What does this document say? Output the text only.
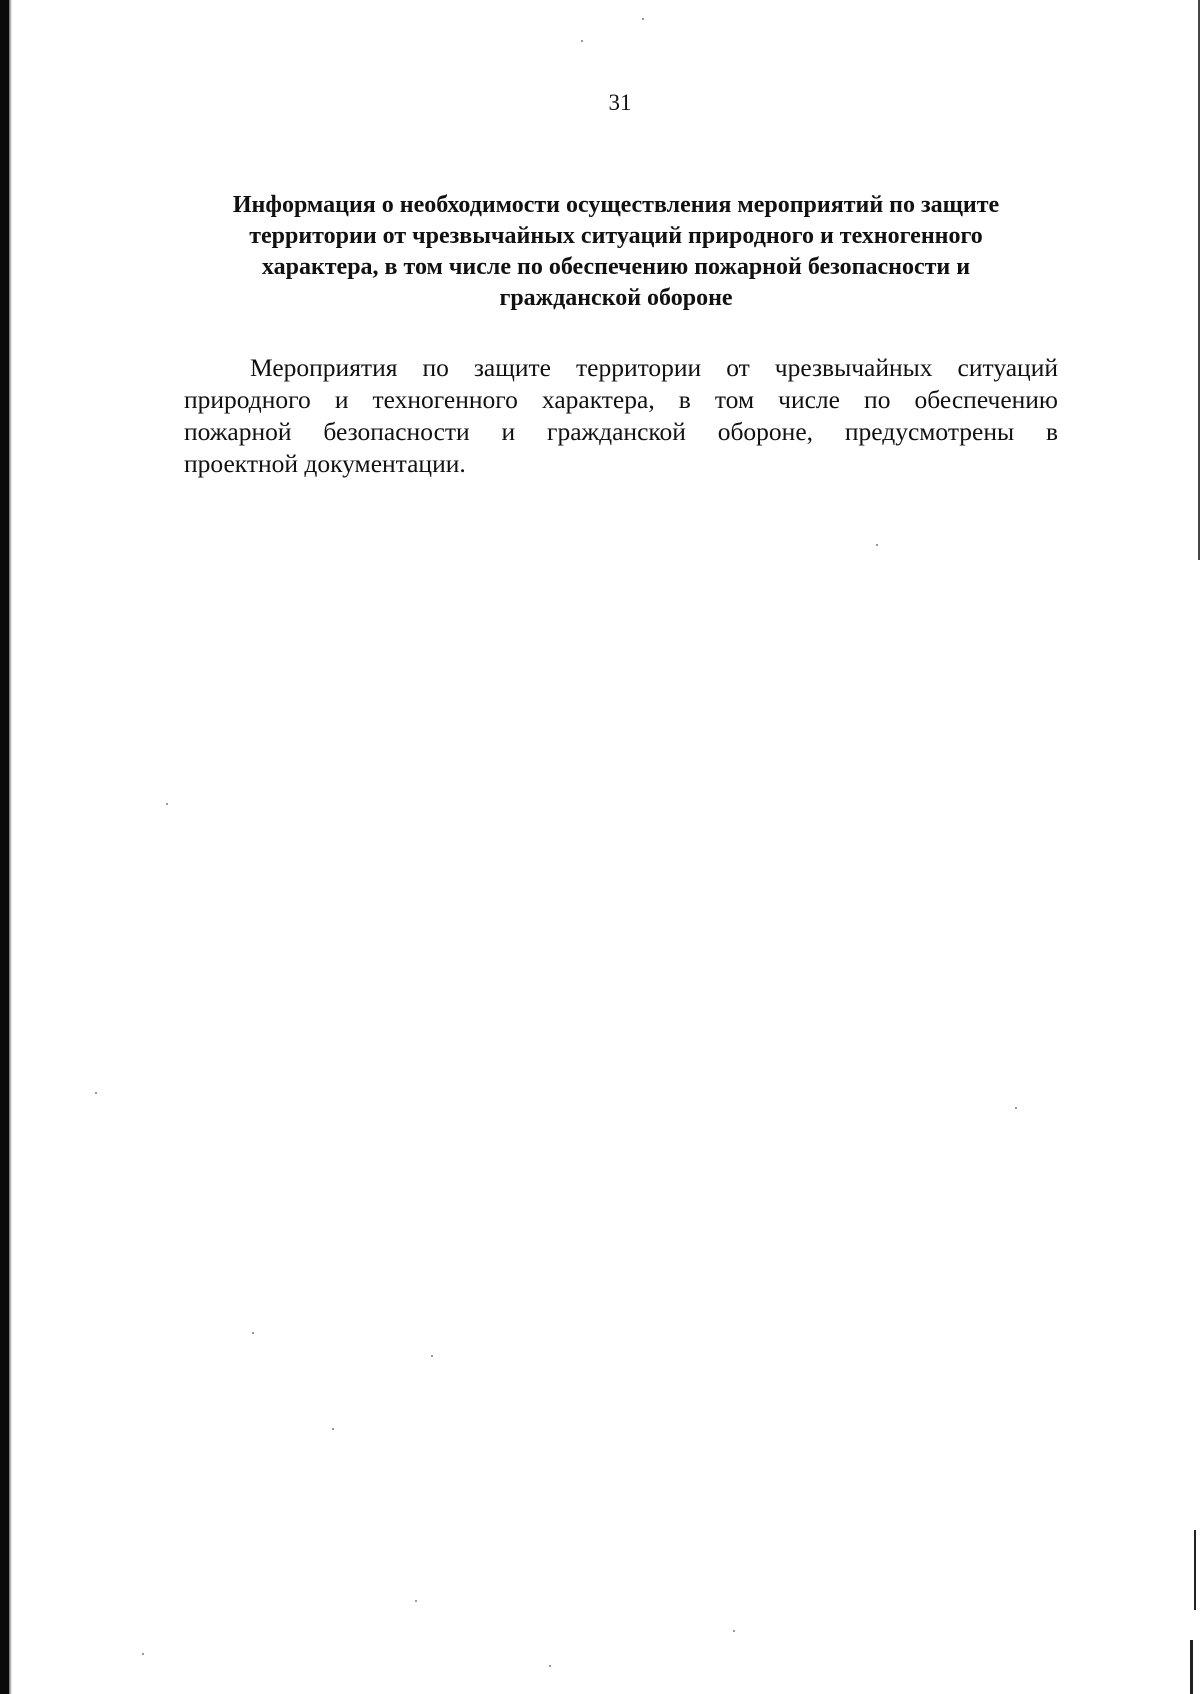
31
Информация о необходимости осуществления мероприятий по защите
территории от чрезвычайных ситуаций природного и техногенного
характера, в том числе по обеспечению пожарной безопасности и
гражданской обороне
Мероприятия по защите территории от чрезвычайных ситуаций
природного и техногенного характера, в том числе по обеспечению
пожарной безопасности и гражданской обороне, предусмотрены в
проектной документации.
